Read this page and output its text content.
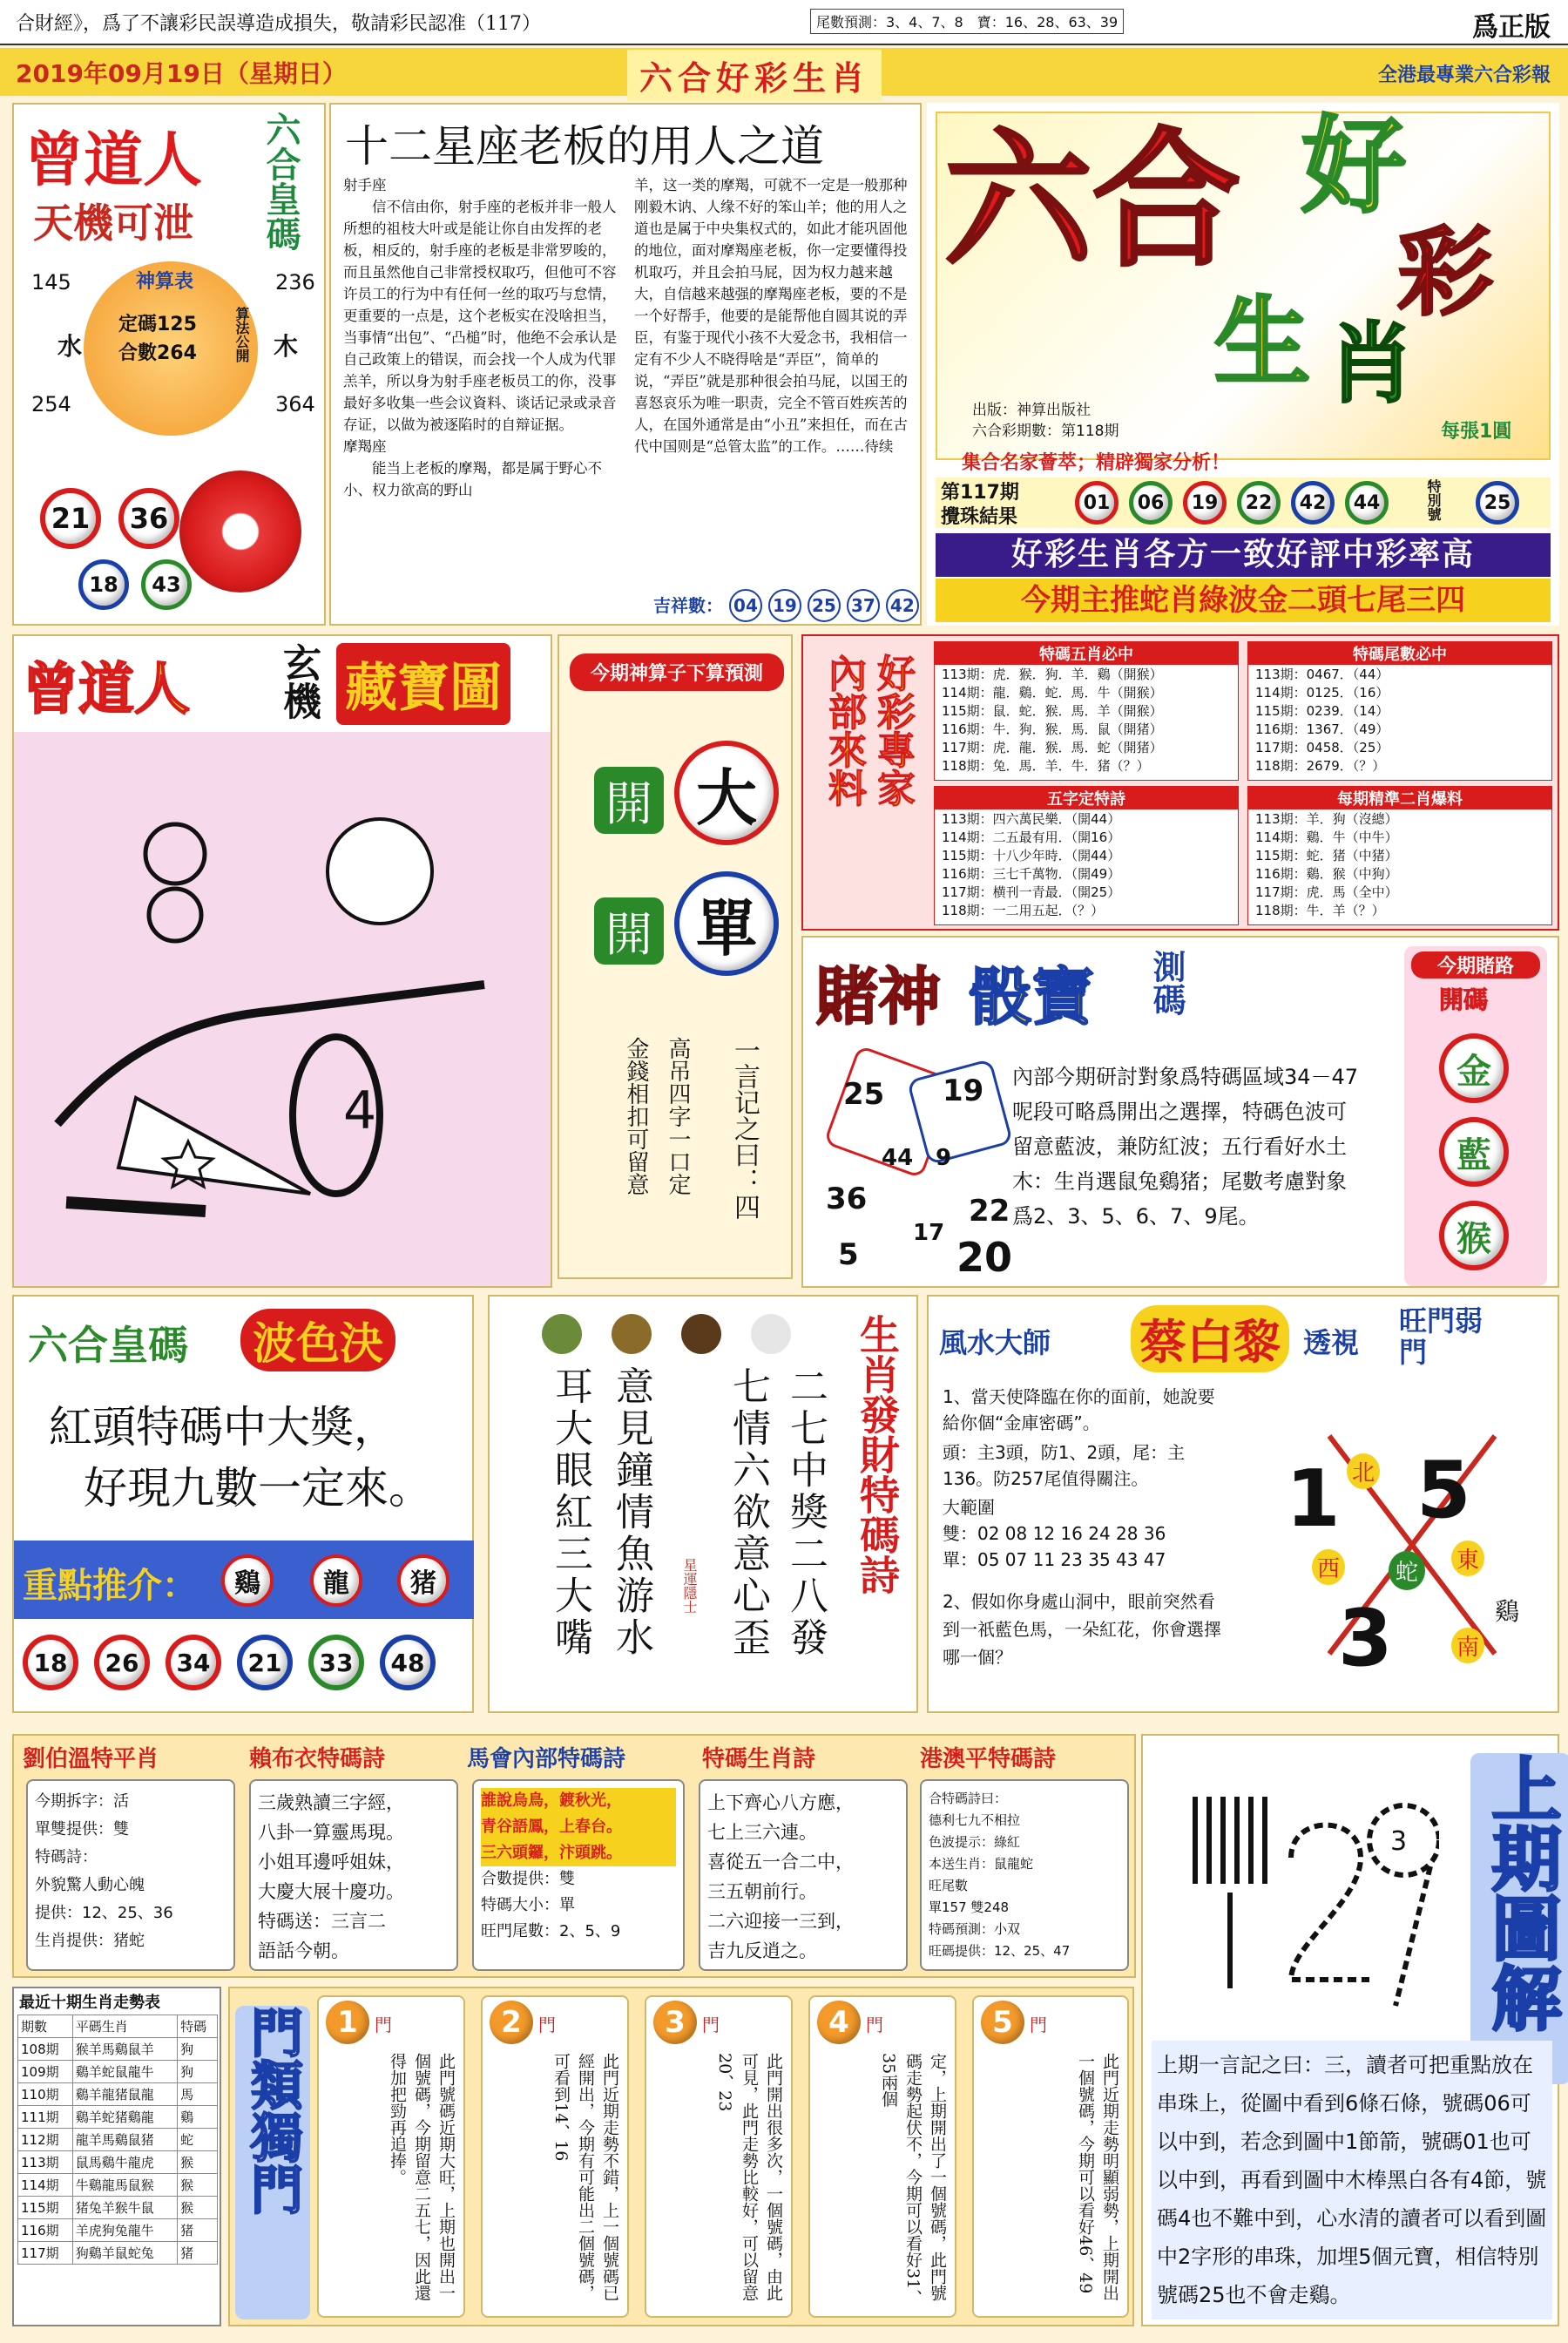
合財經》，爲了不讓彩民誤導造成損失，敬請彩民認准（117）	尾數預測：3、4、7、8　寶：16、28、63、39	爲正版
2019年09月19日（星期日）	六合好彩生肖	全港最專業六合彩報
曾道人
天機可泄 六合皇碼
神算表
145	236
254	364
水	木
定碼125
合數264	算法公開
21	36
18	43
十二星座老板的用人之道
射手座
　　信不信由你，射手座的老板并非一般人所想的祖枝大叶或是能让你自由发挥的老板，相反的，射手座的老板是非常罗唆的，而且虽然他自己非常授权取巧，但他可不容许员工的行为中有任何一丝的取巧与怠情，更重要的一点是，这个老板实在没啥担当，当事情“出包”、“凸槌”时，他绝不会承认是自己政策上的错误，而会找一个人成为代罪羔羊，所以身为射手座老板员工的你，没事最好多收集一些会议資料、谈话记录或录音存证，以做为被逐陷时的自辩证据。
摩羯座
　　能当上老板的摩羯，都是属于野心不小、权力欲高的野山
羊，这一类的摩羯，可就不一定是一般那种刚毅木讷、人缘不好的笨山羊；他的用人之道也是属于中央集权式的，如此才能巩固他的地位，面对摩羯座老板，你一定要懂得投机取巧，并且会拍马屁，因为权力越来越大，自信越来越强的摩羯座老板，要的不是一个好帮手，他要的是能帮他自圆其说的弄臣，有鉴于现代小孩不大爱念书，我相信一定有不少人不晓得啥是“弄臣”，简单的说，“弄臣”就是那种很会拍马屁，以国王的喜怒哀乐为唯一职责，完全不管百姓疾苦的人，在国外通常是由“小丑”来担任，而在古代中国则是“总管太监”的工作。……待续
吉祥數： 04 19 25 37 42
六合 好
彩
生 肖
出版：神算出版社
六合彩期數：第118期	每張1圓
集合名家薈萃；精辟獨家分析！
第117期
攪珠結果
01	06	19	22	42	44	特別號	25
好彩生肖各方一致好評中彩率高
今期主推蛇肖綠波金二頭七尾三四
曾道人 玄機 藏寶圖
4
今期神算子下算預測
開 大
開 單
一言记之曰：四
高吊四字一口定
金錢相扣可留意
內部來料 好彩專家	特碼五肖必中
113期：虎．猴．狗．羊．鷄（開猴）
114期：龍．鷄．蛇．馬．牛（開猴）
115期：鼠．蛇．猴．馬．羊（開猴）
116期：牛．狗．猴．馬．鼠（開猪）
117期：虎．龍．猴．馬．蛇（開猪）
118期：兔．馬．羊．牛．猪（？）
特碼尾數必中
113期：0467．（44）
114期：0125．（16）
115期：0239．（14）
116期：1367．（49）
117期：0458．（25）
118期：2679．（？）
五字定特詩
113期：四六萬民樂．（開44）
114期：二五最有用．（開16）
115期：十八少年時．（開44）
116期：三七千萬物．（開49）
117期：横刊一青最．（開25）
118期：一二用五起．（？）
每期精準二肖爆料
113期：羊．狗（沒總）
114期：鷄．牛（中牛）
115期：蛇．猪（中猪）
116期：鷄．猴（中狗）
117期：虎．馬（全中）
118期：牛．羊（？）
賭神 骰寶 測碼
25 19
44 9
36	22
17
5 20
內部今期研討對象爲特碼區域34－47呢段可略爲開出之選擇，特碼色波可留意藍波，兼防紅波；五行看好水土木：生肖選鼠兔鷄猪；尾數考慮對象爲2、3、5、6、7、9尾。
今期賭路
開碼
金
藍
猴
六合皇碼 波色決
紅頭特碼中大獎，
好現九數一定來。
重點推介：	鷄	龍	猪
18	26	34	21	33	48
二七中獎二八發
七情六欲意心歪
意見鐘情魚游水
耳大眼紅三大嘴	星運隱士	生肖發財特碼詩 風水大師 蔡白黎 透視
旺門弱門
1、當天使降臨在你的面前，她說要給你個“金庫密碼”。
頭：主3頭，防1、2頭，尾：主136。防257尾值得關注。
大範圍
雙：02 08 12 16 24 28 36
單：05 07 11 23 35 43 47
2、假如你身處山洞中，眼前突然看到一祇藍色馬，一朵紅花，你會選擇哪一個？
1 5
3
北
西	東
南
蛇
鷄
劉伯溫特平肖	賴布衣特碼詩	馬會內部特碼詩	特碼生肖詩	港澳平特碼詩
今期拆字：活
單雙提供：雙
特碼詩：
外貌驚人動心魄
提供：12、25、36
生肖提供：猪蛇
三歲熟讀三字經，
八卦一算靈馬現。
小姐耳邊呼姐妹，
大慶大展十慶功。
特碼送：三言二
語話今朝。
誰說烏鳥，鍍秋光，
青谷語鳳，上春台。
三六頭鑼，汴頭跳。
合數提供：雙
特碼大小：單
旺門尾數：2、5、9
上下齊心八方應，
七上三六連。
喜從五一合二中，
三五朝前行。
二六迎接一三到，
吉九反逍之。
合特碼詩曰：
德利七九不相拉
色波提示：綠紅
本送生肖：鼠龍蛇
旺尾數
單157 雙248
特碼預測：小双
旺碼提供：12、25、47
3 上期圖解
上期一言記之曰：三，讀者可把重點放在串珠上，從圖中看到6條石條，號碼06可以中到，若念到圖中1節箭，號碼01也可以中到，再看到圖中木棒黑白各有4節，號碼4也不難中到，心水清的讀者可以看到圖中2字形的串珠，加埋5個元寶，相信特別號碼25也不會走鷄。
最近十期生肖走勢表
期數	平碼生肖	特碼
108期	猴羊馬鷄鼠羊	狗
109期	鷄羊蛇鼠龍牛	狗
110期	鷄羊龍猪鼠龍	馬
111期	鷄羊蛇猪鷄龍	鷄
112期	龍羊馬鷄鼠猪	蛇
113期	鼠馬鷄牛龍虎	猴
114期	牛鷄龍馬鼠猴	猴
115期	猪兔羊猴牛鼠	猴
116期	羊虎狗兔龍牛	猪
117期	狗鷄羊鼠蛇兔	猪
門類獨門	1 門
此門號碼近期大旺，上期也開出一個號碼，今期留意二五七，因此還得加把勁再追捧。
2 門
此門近期走勢不錯，上一個號碼已經開出，今期有可能出二個號碼，可看到14、16
3 門
此門開出很多次，一個號碼，由此可見，此門走勢比較好，可以留意20、23
4 門
定，上期開出了一個號碼，此門號碼走勢起伏不，今期可以看好31、35兩個
5 門
此門近期走勢明顯弱勢，上期開出一個號碼，今期可以看好46、49
